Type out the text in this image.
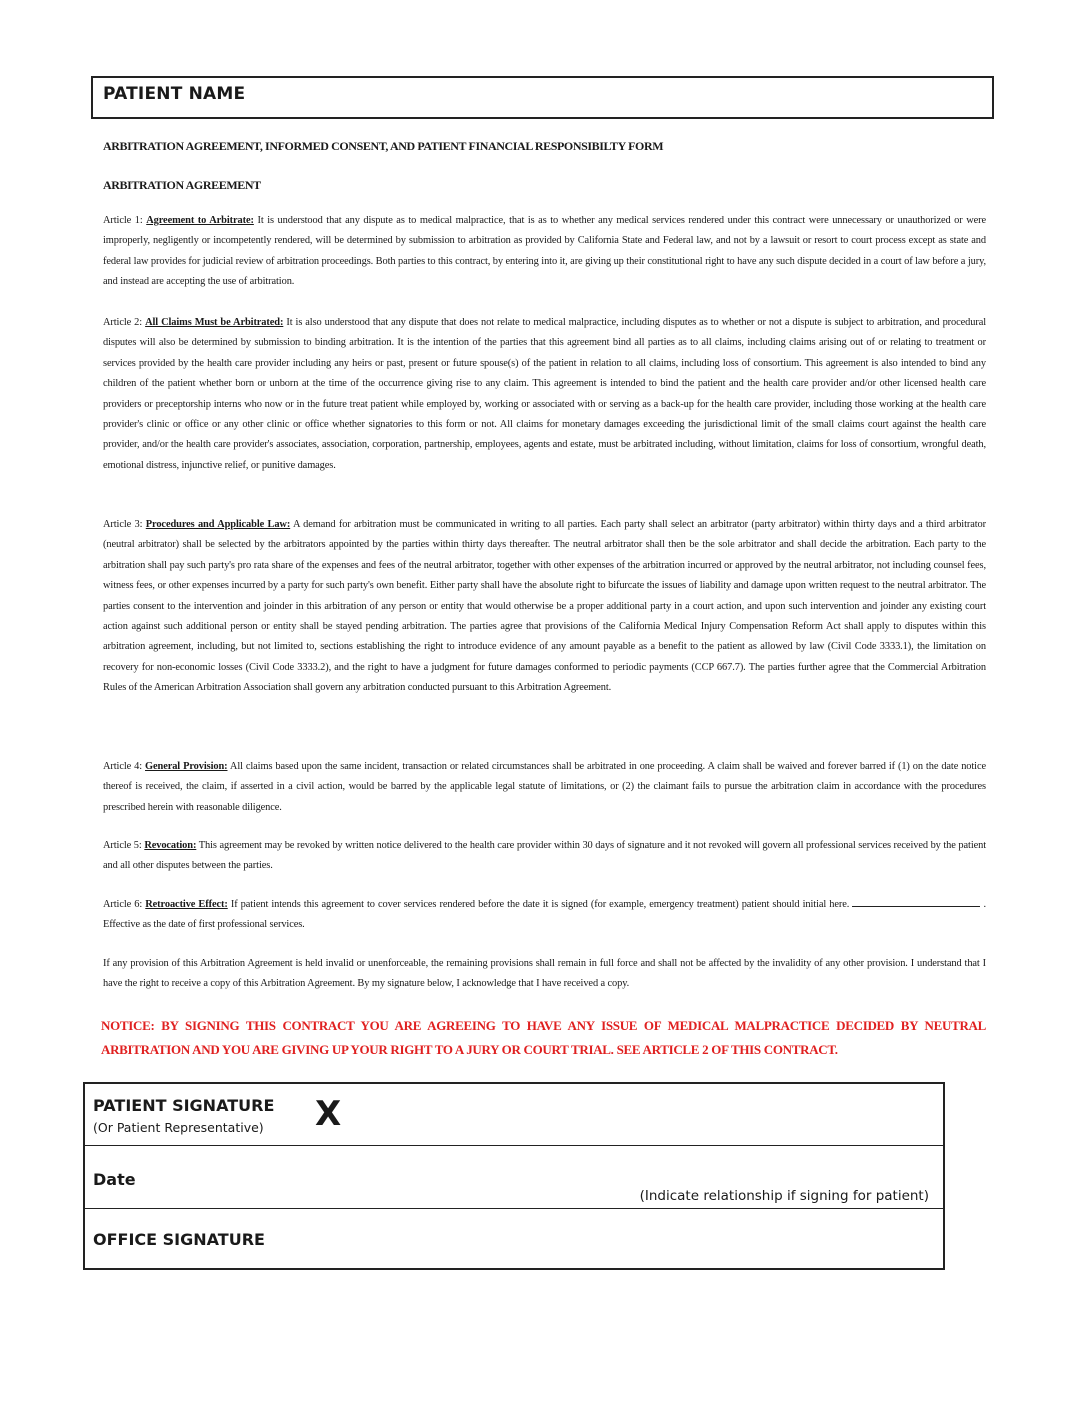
PATIENT NAME
ARBITRATION AGREEMENT, INFORMED CONSENT, AND PATIENT FINANCIAL RESPONSIBILTY FORM
ARBITRATION AGREEMENT
Article 1: Agreement to Arbitrate: It is understood that any dispute as to medical malpractice, that is as to whether any medical services rendered under this contract were unnecessary or unauthorized or were improperly, negligently or incompetently rendered, will be determined by submission to arbitration as provided by California State and Federal law, and not by a lawsuit or resort to court process except as state and federal law provides for judicial review of arbitration proceedings. Both parties to this contract, by entering into it, are giving up their constitutional right to have any such dispute decided in a court of law before a jury, and instead are accepting the use of arbitration.
Article 2: All Claims Must be Arbitrated: It is also understood that any dispute that does not relate to medical malpractice, including disputes as to whether or not a dispute is subject to arbitration, and procedural disputes will also be determined by submission to binding arbitration. It is the intention of the parties that this agreement bind all parties as to all claims, including claims arising out of or relating to treatment or services provided by the health care provider including any heirs or past, present or future spouse(s) of the patient in relation to all claims, including loss of consortium. This agreement is also intended to bind any children of the patient whether born or unborn at the time of the occurrence giving rise to any claim. This agreement is intended to bind the patient and the health care provider and/or other licensed health care providers or preceptorship interns who now or in the future treat patient while employed by, working or associated with or serving as a back-up for the health care provider, including those working at the health care provider's clinic or office or any other clinic or office whether signatories to this form or not. All claims for monetary damages exceeding the jurisdictional limit of the small claims court against the health care provider, and/or the health care provider's associates, association, corporation, partnership, employees, agents and estate, must be arbitrated including, without limitation, claims for loss of consortium, wrongful death, emotional distress, injunctive relief, or punitive damages.
Article 3: Procedures and Applicable Law: A demand for arbitration must be communicated in writing to all parties. Each party shall select an arbitrator (party arbitrator) within thirty days and a third arbitrator (neutral arbitrator) shall be selected by the arbitrators appointed by the parties within thirty days thereafter. The neutral arbitrator shall then be the sole arbitrator and shall decide the arbitration. Each party to the arbitration shall pay such party's pro rata share of the expenses and fees of the neutral arbitrator, together with other expenses of the arbitration incurred or approved by the neutral arbitrator, not including counsel fees, witness fees, or other expenses incurred by a party for such party's own benefit. Either party shall have the absolute right to bifurcate the issues of liability and damage upon written request to the neutral arbitrator. The parties consent to the intervention and joinder in this arbitration of any person or entity that would otherwise be a proper additional party in a court action, and upon such intervention and joinder any existing court action against such additional person or entity shall be stayed pending arbitration. The parties agree that provisions of the California Medical Injury Compensation Reform Act shall apply to disputes within this arbitration agreement, including, but not limited to, sections establishing the right to introduce evidence of any amount payable as a benefit to the patient as allowed by law (Civil Code 3333.1), the limitation on recovery for non-economic losses (Civil Code 3333.2), and the right to have a judgment for future damages conformed to periodic payments (CCP 667.7). The parties further agree that the Commercial Arbitration Rules of the American Arbitration Association shall govern any arbitration conducted pursuant to this Arbitration Agreement.
Article 4: General Provision: All claims based upon the same incident, transaction or related circumstances shall be arbitrated in one proceeding. A claim shall be waived and forever barred if (1) on the date notice thereof is received, the claim, if asserted in a civil action, would be barred by the applicable legal statute of limitations, or (2) the claimant fails to pursue the arbitration claim in accordance with the procedures prescribed herein with reasonable diligence.
Article 5: Revocation: This agreement may be revoked by written notice delivered to the health care provider within 30 days of signature and it not revoked will govern all professional services received by the patient and all other disputes between the parties.
Article 6: Retroactive Effect: If patient intends this agreement to cover services rendered before the date it is signed (for example, emergency treatment) patient should initial here.	. Effective as the date of first professional services.
If any provision of this Arbitration Agreement is held invalid or unenforceable, the remaining provisions shall remain in full force and shall not be affected by the invalidity of any other provision. I understand that I have the right to receive a copy of this Arbitration Agreement. By my signature below, I acknowledge that I have received a copy.
NOTICE: BY SIGNING THIS CONTRACT YOU ARE AGREEING TO HAVE ANY ISSUE OF MEDICAL MALPRACTICE DECIDED BY NEUTRAL ARBITRATION AND YOU ARE GIVING UP YOUR RIGHT TO A JURY OR COURT TRIAL. SEE ARTICLE 2 OF THIS CONTRACT.
PATIENT SIGNATURE
(Or Patient Representative) X
Date
(Indicate relationship if signing for patient)
OFFICE SIGNATURE
